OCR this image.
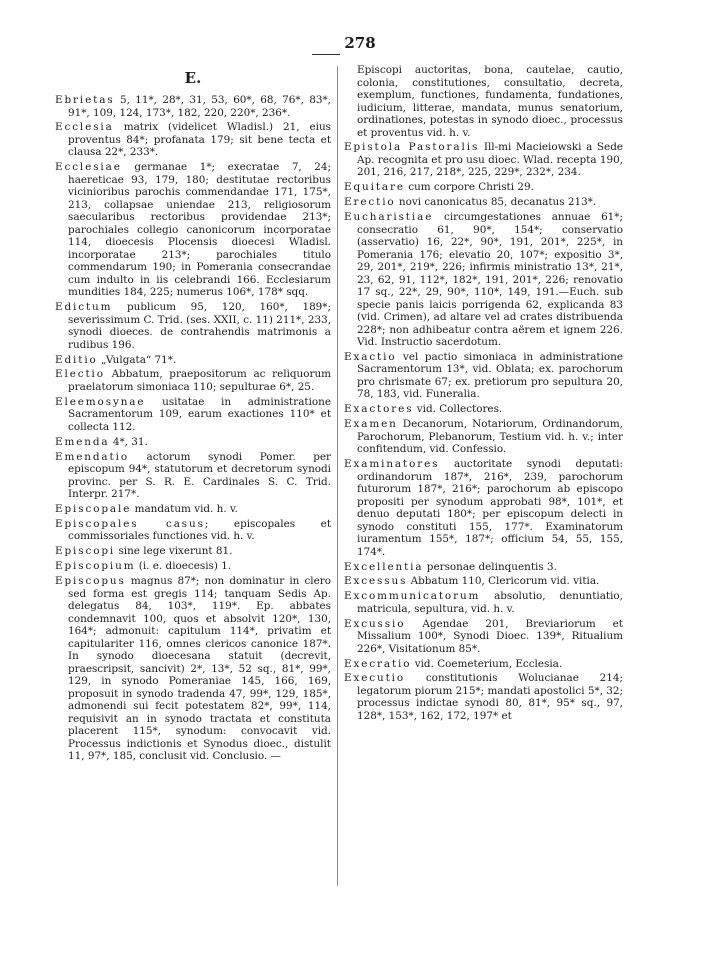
278
E.
Ebrietas 5, 11*, 28*, 31, 53, 60*, 68, 76*, 83*, 91*, 109, 124, 173*, 182, 220, 220*, 236*.
Ecclesia matrix (videlicet Wladisl.) 21, eius proventus 84*; profanata 179; sit bene tecta et clausa 22*, 233*.
Ecclesiae germanae 1*; execratae 7, 24; haereticae 93, 179, 180; destitutae rectoribus vicinioribus parochis commendandae 171, 175*, 213, collapsae uniendae 213, religiosorum saecularibus rectoribus providendae 213*; parochiales collegio canonicorum incorporatae 114, dioecesis Plocensis dioecesi Wladisl. incorporatae 213*; parochiales titulo commendarum 190; in Pomerania consecrandae cum indulto in iis celebrandi 166. Ecclesiarum mundities 184, 225; numerus 106*, 178* sqq.
Edictum publicum 95, 120, 160*, 189*; severissimum C. Trid. (ses. XXII, c. 11) 211*, 233, synodi dioeces. de contrahendis matrimonis a rudibus 196.
Editio „Vulgata“ 71*.
Electio Abbatum, praepositorum ac reliquorum praelatorum simoniaca 110; sepulturae 6*, 25.
Eleemosynae usitatae in administratione Sacramentorum 109, earum exactiones 110* et collecta 112.
Emenda 4*, 31.
Emendatio actorum synodi Pomer. per episcopum 94*, statutorum et decretorum synodi provinc. per S. R. E. Cardinales S. C. Trid. Interpr. 217*.
Episcopale mandatum vid. h. v.
Episcopales casus; episcopales et commissoriales functiones vid. h. v.
Episcopi sine lege vixerunt 81.
Episcopium (i. e. dioecesis) 1.
Episcopus magnus 87*; non dominatur in clero sed forma est gregis 114; tanquam Sedis Ap. delegatus 84, 103*, 119*. Ep. abbates condemnavit 100, quos et absolvit 120*, 130, 164*; admonuit: capitulum 114*, privatim et capitulariter 116, omnes clericos canonice 187*. In synodo dioecesana statuit (decrevit, praescripsit, sancivit) 2*, 13*, 52 sq., 81*, 99*, 129, in synodo Pomeraniae 145, 166, 169, proposuit in synodo tradenda 47, 99*, 129, 185*, admonendi sui fecit potestatem 82*, 99*, 114, requisivit an in synodo tractata et constituta placerent 115*, synodum: convocavit vid. Processus indictionis et Synodus dioec., distulit 11, 97*, 185, conclusit vid. Conclusio. —
Episcopi auctoritas, bona, cautelae, cautio, colonia, constitutiones, consultatio, decreta, exemplum, functiones, fundamenta, fundationes, iudicium, litterae, mandata, munus senatorium, ordinationes, potestas in synodo dioec., processus et proventus vid. h. v.
Epistola Pastoralis Ill-mi Macieiowski a Sede Ap. recognita et pro usu dioec. Wlad. recepta 190, 201, 216, 217, 218*, 225, 229*, 232*, 234.
Equitare cum corpore Christi 29.
Erectio novi canonicatus 85, decanatus 213*.
Eucharistiae circumgestationes annuae 61*; consecratio 61, 90*, 154*; conservatio (asservatio) 16, 22*, 90*, 191, 201*, 225*, in Pomerania 176; elevatio 20, 107*; expositio 3*, 29, 201*, 219*, 226; infirmis ministratio 13*, 21*, 23, 62, 91, 112*, 182*, 191, 201*, 226; renovatio 17 sq., 22*, 29, 90*, 110*, 149, 191.—Euch. sub specie panis laicis porrigenda 62, explicanda 83 (vid. Crimen), ad altare vel ad crates distribuenda 228*; non adhibeatur contra aërem et ignem 226. Vid. Instructio sacerdotum.
Exactio vel pactio simoniaca in administratione Sacramentorum 13*, vid. Oblata; ex. parochorum pro chrismate 67; ex. pretiorum pro sepultura 20, 78, 183, vid. Funeralia.
Exactores vid. Collectores.
Examen Decanorum, Notariorum, Ordinandorum, Parochorum, Plebanorum, Testium vid. h. v.; inter confitendum, vid. Confessio.
Examinatores auctoritate synodi deputati: ordinandorum 187*, 216*, 239, parochorum futurorum 187*, 216*; parochorum ab episcopo propositi per synodum approbati 98*, 101*, et denuo deputati 180*; per episcopum delecti in synodo constituti 155, 177*. Examinatorum iuramentum 155*, 187*; officium 54, 55, 155, 174*.
Excellentia personae delinquentis 3.
Excessus Abbatum 110, Clericorum vid. vitia.
Excommunicatorum absolutio, denuntiatio, matricula, sepultura, vid. h. v.
Excussio Agendae 201, Breviariorum et Missalium 100*, Synodi Dioec. 139*, Ritualium 226*, Visitationum 85*.
Execratio vid. Coemeterium, Ecclesia.
Executio constitutionis Wolucianae 214; legatorum piorum 215*; mandati apostolici 5*, 32; processus indictae synodi 80, 81*, 95* sq., 97, 128*, 153*, 162, 172, 197* et
